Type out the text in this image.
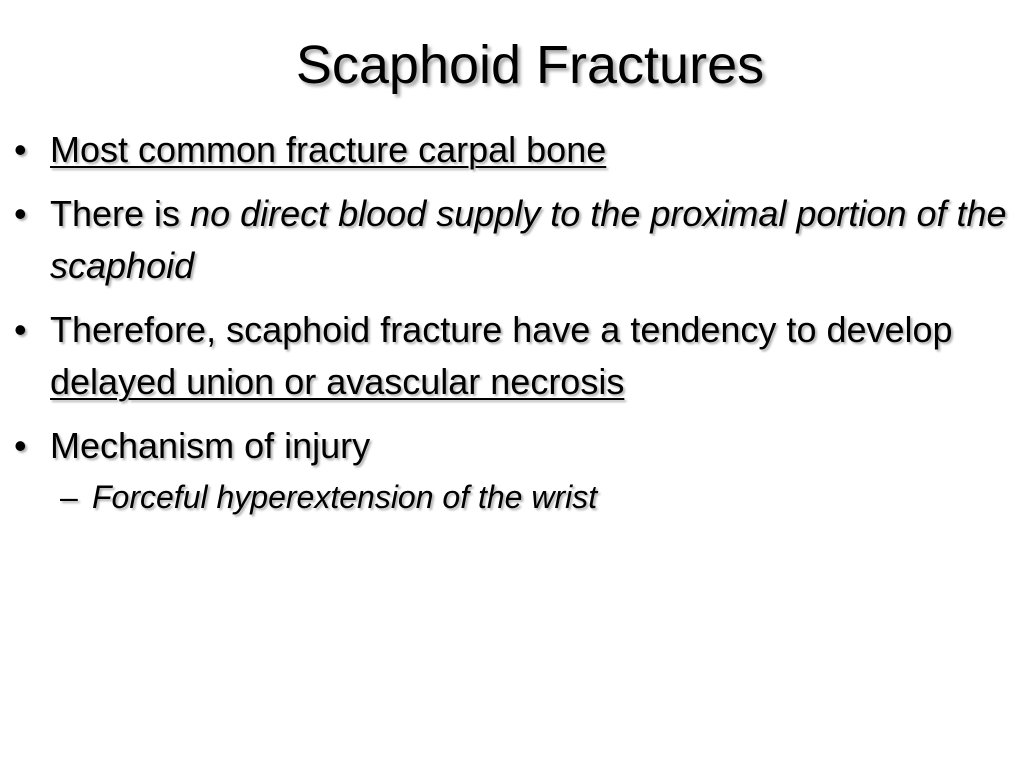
Scaphoid Fractures
• Most common fracture carpal bone
• There is no direct blood supply to the proximal portion of the scaphoid
• Therefore, scaphoid fracture have a tendency to develop delayed union or avascular necrosis
• Mechanism of injury
– Forceful hyperextension of the wrist
